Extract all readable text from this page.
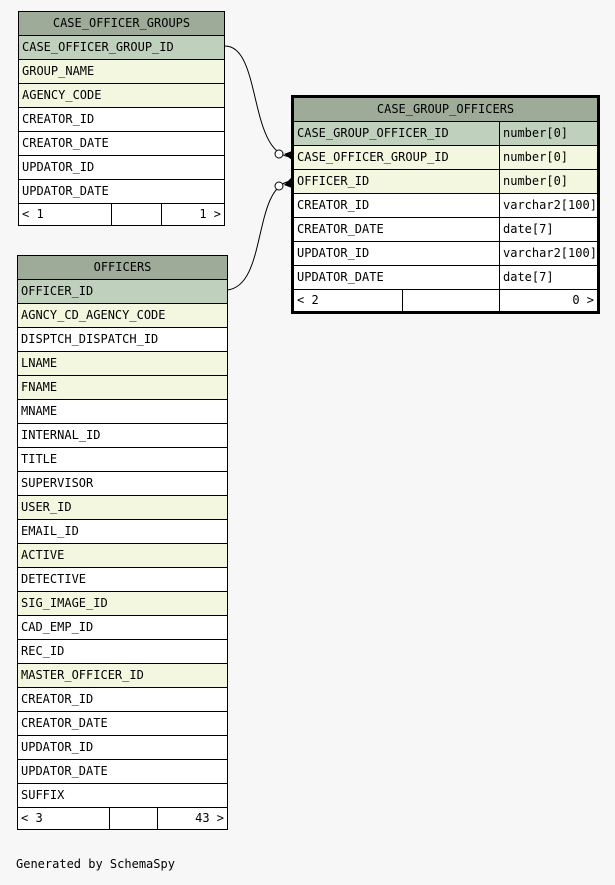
CASE_OFFICER_GROUPS
CASE_OFFICER_GROUP_ID
GROUP_NAME
AGENCY_CODE
CREATOR_ID
CREATOR_DATE
UPDATOR_ID
UPDATOR_DATE
< 1		1 >
OFFICERS
OFFICER_ID
AGNCY_CD_AGENCY_CODE
DISPTCH_DISPATCH_ID
LNAME
FNAME
MNAME
INTERNAL_ID
TITLE
SUPERVISOR
USER_ID
EMAIL_ID
ACTIVE
DETECTIVE
SIG_IMAGE_ID
CAD_EMP_ID
REC_ID
MASTER_OFFICER_ID
CREATOR_ID
CREATOR_DATE
UPDATOR_ID
UPDATOR_DATE
SUFFIX
< 3		43 >
CASE_GROUP_OFFICERS		
CASE_GROUP_OFFICER_ID		number[0]
CASE_OFFICER_GROUP_ID		number[0]
OFFICER_ID		number[0]
CREATOR_ID		varchar2[100]
CREATOR_DATE		date[7]
UPDATOR_ID		varchar2[100]
UPDATOR_DATE		date[7]
< 2		0 >
Generated by SchemaSpy
